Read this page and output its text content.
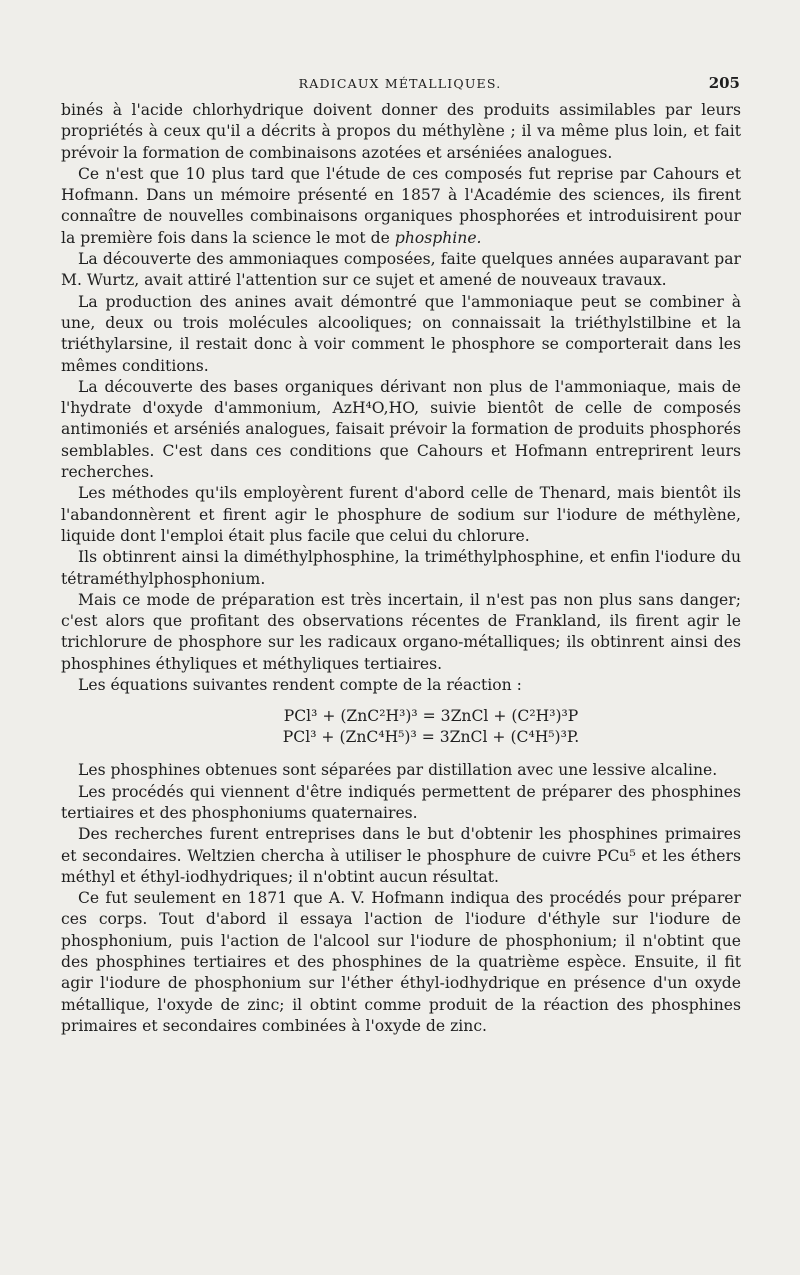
RADICAUX MÉTALLIQUES.	205

binés à l'acide chlorhydrique doivent donner des produits assimilables par leurs propriétés à ceux qu'il a décrits à propos du méthylène ; il va même plus loin, et fait prévoir la formation de combinaisons azotées et arséniées analogues.

Ce n'est que 10 plus tard que l'étude de ces composés fut reprise par Cahours et Hofmann. Dans un mémoire présenté en 1857 à l'Académie des sciences, ils firent connaître de nouvelles combinaisons organiques phosphorées et introduisirent pour la première fois dans la science le mot de phosphine.

La découverte des ammoniaques composées, faite quelques années auparavant par M. Wurtz, avait attiré l'attention sur ce sujet et amené de nouveaux travaux.

La production des anines avait démontré que l'ammoniaque peut se combiner à une, deux ou trois molécules alcooliques; on connaissait la triéthylstilbine et la triéthylarsine, il restait donc à voir comment le phosphore se comporterait dans les mêmes conditions.

La découverte des bases organiques dérivant non plus de l'ammoniaque, mais de l'hydrate d'oxyde d'ammonium, AzH⁴O,HO, suivie bientôt de celle de composés antimoniés et arséniés analogues, faisait prévoir la formation de produits phosphorés semblables. C'est dans ces conditions que Cahours et Hofmann entreprirent leurs recherches.

Les méthodes qu'ils employèrent furent d'abord celle de Thenard, mais bientôt ils l'abandonnèrent et firent agir le phosphure de sodium sur l'iodure de méthylène, liquide dont l'emploi était plus facile que celui du chlorure.

Ils obtinrent ainsi la diméthylphosphine, la triméthylphosphine, et enfin l'iodure du tétraméthylphosphonium.

Mais ce mode de préparation est très incertain, il n'est pas non plus sans danger; c'est alors que profitant des observations récentes de Frankland, ils firent agir le trichlorure de phosphore sur les radicaux organo-métalliques; ils obtinrent ainsi des phosphines éthyliques et méthyliques tertiaires.

Les équations suivantes rendent compte de la réaction :

PCl³ + (ZnC²H³)³ = 3ZnCl + (C²H³)³P
PCl³ + (ZnC⁴H⁵)³ = 3ZnCl + (C⁴H⁵)³P.

Les phosphines obtenues sont séparées par distillation avec une lessive alcaline.

Les procédés qui viennent d'être indiqués permettent de préparer des phosphines tertiaires et des phosphoniums quaternaires.

Des recherches furent entreprises dans le but d'obtenir les phosphines primaires et secondaires. Weltzien chercha à utiliser le phosphure de cuivre PCu⁵ et les éthers méthyl et éthyl-iodhydriques; il n'obtint aucun résultat.

Ce fut seulement en 1871 que A. V. Hofmann indiqua des procédés pour préparer ces corps. Tout d'abord il essaya l'action de l'iodure d'éthyle sur l'iodure de phosphonium, puis l'action de l'alcool sur l'iodure de phosphonium; il n'obtint que des phosphines tertiaires et des phosphines de la quatrième espèce. Ensuite, il fit agir l'iodure de phosphonium sur l'éther éthyl-iodhydrique en présence d'un oxyde métallique, l'oxyde de zinc; il obtint comme produit de la réaction des phosphines primaires et secondaires combinées à l'oxyde de zinc.
